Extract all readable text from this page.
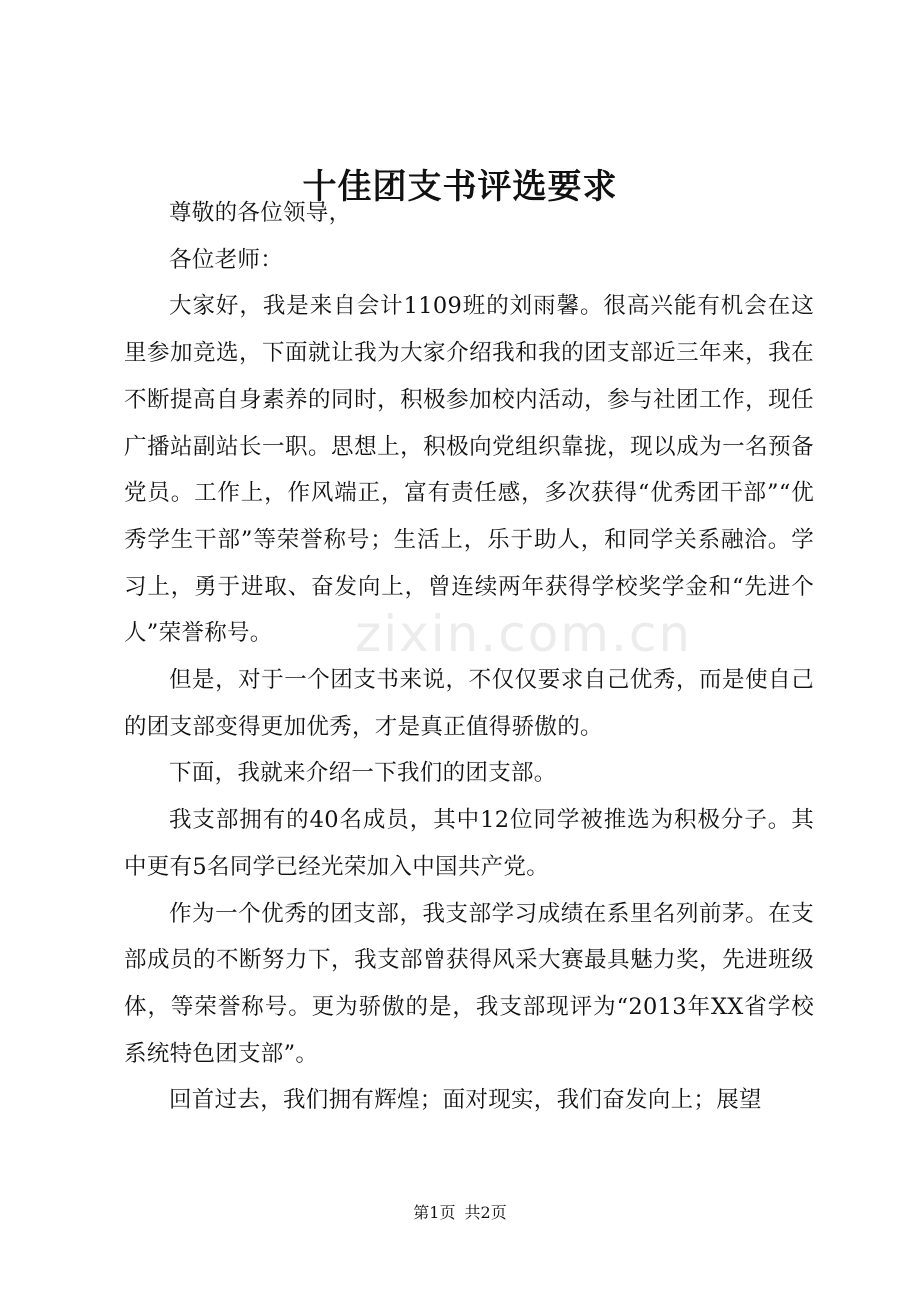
十佳团支书评选要求

尊敬的各位领导，

各位老师：

大家好，我是来自会计1109班的刘雨馨。很高兴能有机会在这里参加竞选，下面就让我为大家介绍我和我的团支部近三年来，我在不断提高自身素养的同时，积极参加校内活动，参与社团工作，现任广播站副站长一职。思想上，积极向党组织靠拢，现以成为一名预备党员。工作上，作风端正，富有责任感，多次获得“优秀团干部”“优秀学生干部”等荣誉称号；生活上，乐于助人，和同学关系融洽。学习上，勇于进取、奋发向上，曾连续两年获得学校奖学金和“先进个人”荣誉称号。

但是，对于一个团支书来说，不仅仅要求自己优秀，而是使自己的团支部变得更加优秀，才是真正值得骄傲的。

下面，我就来介绍一下我们的团支部。

我支部拥有的40名成员，其中12位同学被推选为积极分子。其中更有5名同学已经光荣加入中国共产党。

作为一个优秀的团支部，我支部学习成绩在系里名列前茅。在支部成员的不断努力下，我支部曾获得风采大赛最具魅力奖，先进班级体，等荣誉称号。更为骄傲的是，我支部现评为“2013年XX省学校系统特色团支部”。

回首过去，我们拥有辉煌；面对现实，我们奋发向上；展望

zixin.com.cn
第1页 共2页
